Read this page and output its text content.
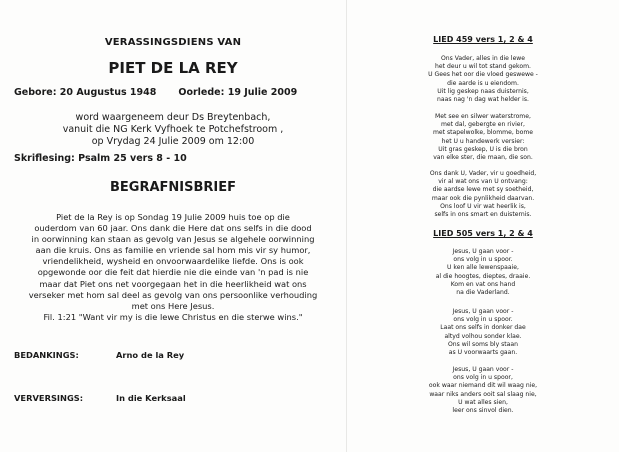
VERASSINGSDIENS VAN
PIET DE LA REY
Gebore: 20 Augustus 1948 Oorlede: 19 Julie 2009
word waargeneem deur Ds Breytenbach,
vanuit die NG Kerk Vyfhoek te Potchefstroom ,
op Vrydag 24 Julie 2009 om 12:00
Skriflesing: Psalm 25 vers 8 - 10
BEGRAFNISBRIEF
Piet de la Rey is op Sondag 19 Julie 2009 huis toe op die
ouderdom van 60 jaar. Ons dank die Here dat ons selfs in die dood
in oorwinning kan staan as gevolg van Jesus se algehele oorwinning
aan die kruis. Ons as familie en vriende sal hom mis vir sy humor,
vriendelikheid, wysheid en onvoorwaardelike liefde. Ons is ook
opgewonde oor die feit dat hierdie nie die einde van 'n pad is nie
maar dat Piet ons net voorgegaan het in die heerlikheid wat ons
verseker met hom sal deel as gevolg van ons persoonlike verhouding
met ons Here Jesus.
Fil. 1:21 "Want vir my is die lewe Christus en die sterwe wins."
BEDANKINGS:	Arno de la Rey
VERVERSINGS:	In die Kerksaal
LIED 459 vers 1, 2 & 4
Ons Vader, alles in die lewe
het deur u wil tot stand gekom.
U Gees het oor die vloed geswewe -
die aarde is u eiendom.
Uit lig geskep naas duisternis,
naas nag 'n dag wat helder is.
Met see en silwer waterstrome,
met dal, gebergte en rivier,
met stapelwolke, blomme, bome
het U u handewerk versier:
Uit gras geskep, U is die bron
van elke ster, die maan, die son.
Ons dank U, Vader, vir u goedheid,
vir al wat ons van U ontvang:
die aardse lewe met sy soetheid,
maar ook die pynlikheid daarvan.
Ons loof U vir wat heerlik is,
selfs in ons smart en duisternis.
LIED 505 vers 1, 2 & 4
Jesus, U gaan voor -
ons volg in u spoor.
U ken alle lewenspaaie,
al die hoogtes, dieptes, draaie.
Kom en vat ons hand
na die Vaderland.
Jesus, U gaan voor -
ons volg in u spoor.
Laat ons selfs in donker dae
altyd volhou sonder klae.
Ons wil soms bly staan
as U voorwaarts gaan.
Jesus, U gaan voor -
ons volg in u spoor,
ook waar niemand dit wil waag nie,
waar niks anders ooit sal slaag nie,
U wat alles sien,
leer ons sinvol dien.
